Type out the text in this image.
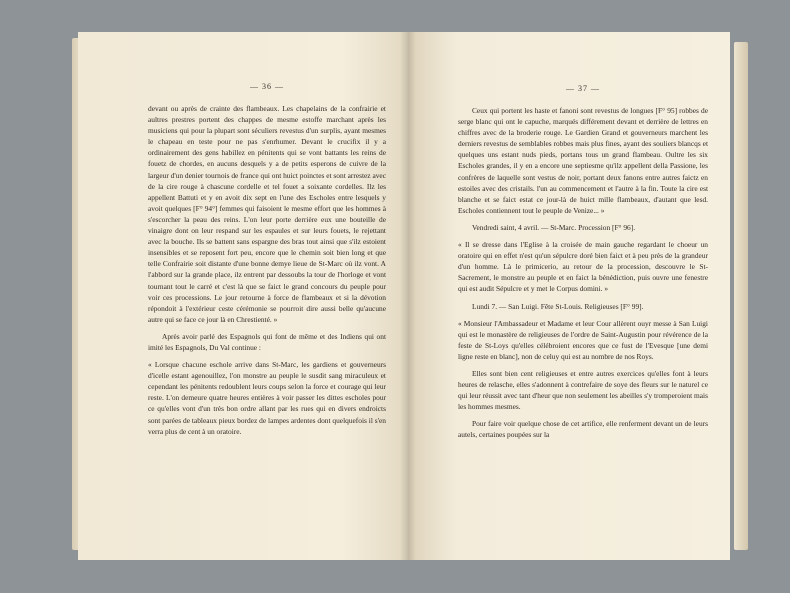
— 36 —

devant ou après de crainte des flambeaux. Les chapelains de la confrairie et aultres prestres portent des chappes de mesme estoffe marchant après les musiciens qui pour la plupart sont séculiers revestus d'un surplis, ayant mesmes le chapeau en teste pour ne pas s'enrhumer. Devant le crucifix il y a ordinairement des gens habillez en pénitents qui se vont battants les reins de fouetz de chordes, en aucuns desquels y a de petits esperons de cuivre de la largeur d'un denier tournois de france qui ont huict poinctes et sont arrestez avec de la cire rouge à chascune cordelle et tel fouet a soixante cordelles. Ilz les appellent Battuti et y en avoit dix sept en l'une des Escholes entre lesquels y avoit quelques [F° 94°] femmes qui faisoient le mesme effort que les hommes à s'escorcher la peau des reins. L'on leur porte derrière eux une bouteille de vinaigre dont on leur respand sur les espaules et sur leurs fouets, le rejettant avec la bouche. Ils se battent sans espargne des bras tout ainsi que s'ilz estoient insensibles et se reposent fort peu, encore que le chemin soit bien long et que telle Confrairie soit distante d'une bonne demye lieue de St-Marc où ilz vont. A l'abbord sur la grande place, ilz entrent par dessoubs la tour de l'horloge et vont tournant tout le carré et c'est là que se faict le grand concours du peuple pour voir ces processions. Le jour retourne à force de flambeaux et si la dévotion répondoit à l'extérieur ceste cérémonie se pourroit dire aussi belle qu'aucune autre qui se face ce jour là en Chrestienté. »

Après avoir parlé des Espagnols qui font de même et des Indiens qui ont imité les Espagnols, Du Val continue :

« Lorsque chacune eschole arrive dans St-Marc, les gardiens et gouverneurs d'icelle estant agenouillez, l'on monstre au peuple le susdit sang miraculeux et cependant les pénitents redoublent leurs coups selon la force et courage qui leur reste. L'on demeure quatre heures entières à voir passer les dittes escholes pour ce qu'elles vont d'un très bon ordre allant par les rues qui en divers endroicts sont parées de tableaux pieux bordez de lampes ardentes dont quelquefois il s'en verra plus de cent à un oratoire.

— 37 —

Ceux qui portent les haste et fanoni sont revestus de longues [F° 95] robbes de serge blanc qui ont le capuche, marqués différement devant et derrière de lettres en chiffres avec de la broderie rouge. Le Gardien Grand et gouverneurs marchent les derniers revestus de semblables robbes mais plus fines, ayant des souliers blancqs et quelques uns estant nuds pieds, portans tous un grand flambeau. Oultre les six Escholes grandes, il y en a encore une septiesme qu'ilz appellent della Passione, les confrères de laquelle sont vestus de noir, portant deux fanons entre autres faictz en estoiles avec des cristails. l'un au commencement et l'autre à la fin. Toute la cire est blanche et se faict estat ce jour-là de huict mille flambeaux, d'autant que lesd. Escholes contiennent tout le peuple de Venize... »

Vendredi saint, 4 avril. — St-Marc. Procession [F° 96].

« Il se dresse dans l'Eglise à la croisée de main gauche regardant le choeur un oratoire qui en effet n'est qu'un sépulcre doré bien faict et à peu près de la grandeur d'un homme. Là le primicerio, au retour de la procession, descouvre le St-Sacrement, le monstre au peuple et en faict la bénédiction, puis ouvre une fenestre qui est audit Sépulcre et y met le Corpus domini. »

Lundi 7. — San Luigi. Fête St-Louis. Religieuses [F° 99].

« Monsieur l'Ambassadeur et Madame et leur Cour allèrent ouyr messe à San Luigi qui est le monastère de religieuses de l'ordre de Saint-Augustin pour révérence de la feste de St-Loys qu'elles célébroient encores que ce fust de l'Evesque [une demi ligne reste en blanc], non de celuy qui est au nombre de nos Roys.

Elles sont bien cent religieuses et entre autres exercices qu'elles font à leurs heures de relasche, elles s'adonnent à contrefaire de soye des fleurs sur le naturel ce qui leur réussit avec tant d'heur que non seulement les abeilles s'y tromperoient mais les hommes mesmes.

Pour faire voir quelque chose de cet artifice, elle renferment devant un de leurs autels, certaines poupées sur la
